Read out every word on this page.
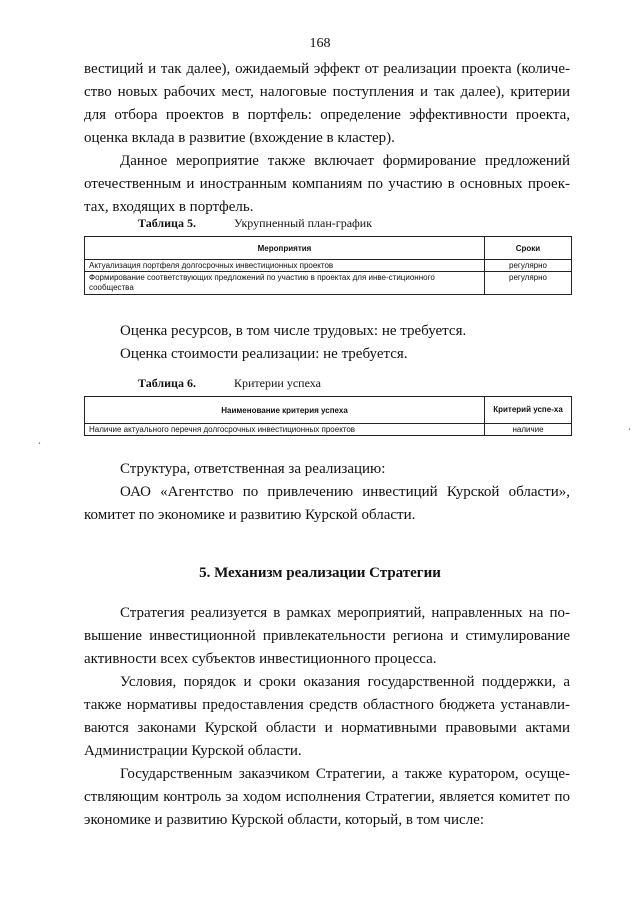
168
вестиций и так далее), ожидаемый эффект от реализации проекта (количе-
ство новых рабочих мест, налоговые поступления и так далее), критерии
для отбора проектов в портфель: определение эффективности проекта,
оценка вклада в развитие (вхождение в кластер).
Данное мероприятие также включает формирование предложений
отечественным и иностранным компаниям по участию в основных проек-
тах, входящих в портфель.
Таблица 5.	Укрупненный план-график
Мероприятия	Сроки
Актуализация портфеля долгосрочных инвестиционных проектов	регулярно
Формирование соответствующих предложений по участию в проектах для инве-стиционного сообщества	регулярно
Оценка ресурсов, в том числе трудовых: не требуется.
Оценка стоимости реализации: не требуется.
Таблица 6.	Критерии успеха
Наименование критерия успеха	Критерий успе-ха
Наличие актуального перечня долгосрочных инвестиционных проектов	наличие
‘
‘
Структура, ответственная за реализацию:
ОАО «Агентство по привлечению инвестиций Курской области»,
комитет по экономике и развитию Курской области.
5. Механизм реализации Стратегии
Стратегия реализуется в рамках мероприятий, направленных на по-
вышение инвестиционной привлекательности региона и стимулирование
активности всех субъектов инвестиционного процесса.
Условия, порядок и сроки оказания государственной поддержки, а
также нормативы предоставления средств областного бюджета устанавли-
ваются законами Курской области и нормативными правовыми актами
Администрации Курской области.
Государственным заказчиком Стратегии, а также куратором, осуще-
ствляющим контроль за ходом исполнения Стратегии, является комитет по
экономике и развитию Курской области, который, в том числе:
